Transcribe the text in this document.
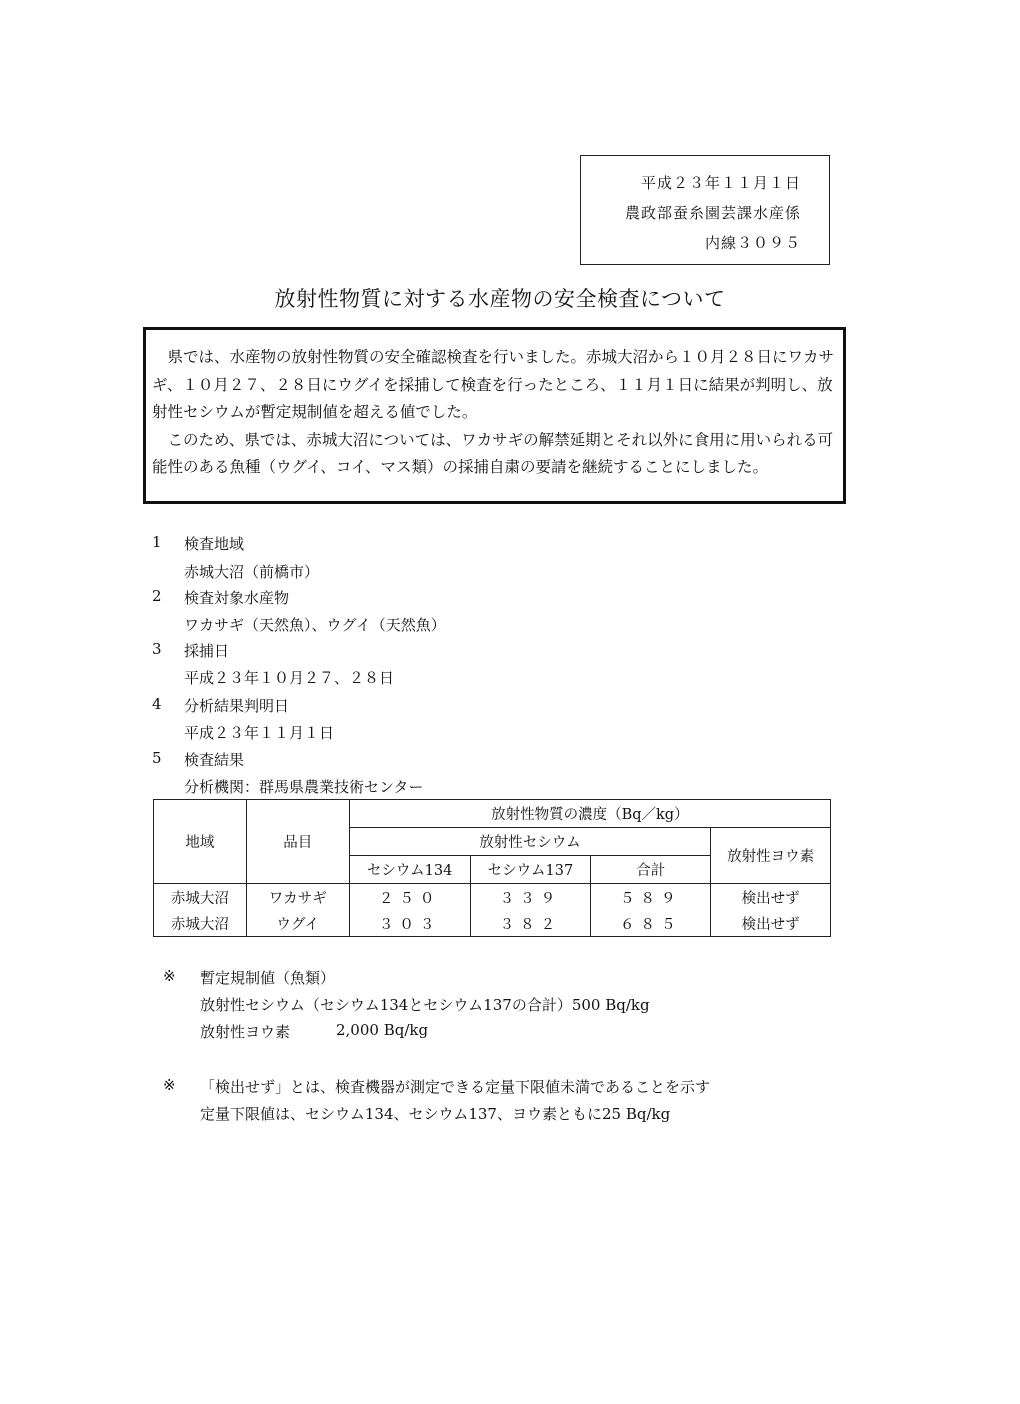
平成２３年１１月１日
農政部蚕糸園芸課水産係
内線３０９５
放射性物質に対する水産物の安全検査について

県では、水産物の放射性物質の安全確認検査を行いました。赤城大沼から１０月２８日にワカサギ、１０月２７、２８日にウグイを採捕して検査を行ったところ、１１月１日に結果が判明し、放射性セシウムが暫定規制値を超える値でした。

このため、県では、赤城大沼については、ワカサギの解禁延期とそれ以外に食用に用いられる可能性のある魚種（ウグイ、コイ、マス類）の採捕自粛の要請を継続することにしました。

1 検査地域
赤城大沼（前橋市）
2 検査対象水産物
ワカサギ（天然魚）、ウグイ（天然魚）
3 採捕日
平成２３年１０月２７、２８日
4 分析結果判明日
平成２３年１１月１日
5 検査結果
分析機関：群馬県農業技術センター
地域	品目	放射性物質の濃度（Bq／kg）			
		放射性セシウム			放射性ヨウ素
		セシウム134	セシウム137	合計	
赤城大沼	ワカサギ	２５０	３３９	５８９	検出せず
赤城大沼	ウグイ	３０３	３８２	６８５	検出せず
※ 暫定規制値（魚類）
放射性セシウム（セシウム134とセシウム137の合計）500 Bq/kg
放射性ヨウ素	2,000 Bq/kg
※ 「検出せず」とは、検査機器が測定できる定量下限値未満であることを示す
定量下限値は、セシウム134、セシウム137、ヨウ素ともに25 Bq/kg
